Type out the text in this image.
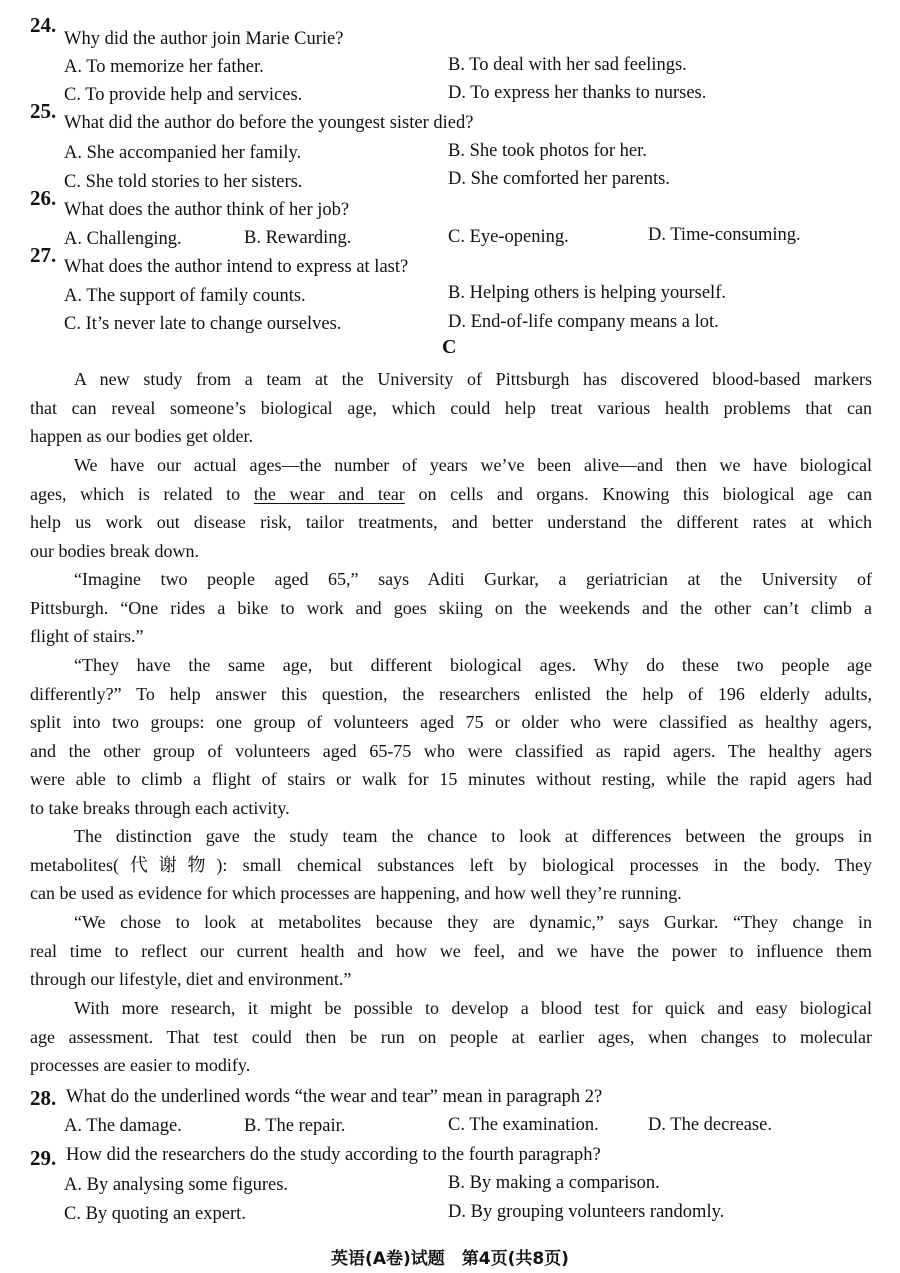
24.
Why did the author join Marie Curie?
A. To memorize her father.	B. To deal with her sad feelings.
C. To provide help and services.	D. To express her thanks to nurses.
25. What did the author do before the youngest sister died?
A. She accompanied her family.	B. She took photos for her.
C. She told stories to her sisters.	D. She comforted her parents.
26. What does the author think of her job?
A. Challenging.	B. Rewarding.	C. Eye-opening.	D. Time-consuming.
27. What does the author intend to express at last?
A. The support of family counts.	B. Helping others is helping yourself.
C. It’s never late to change ourselves.	D. End-of-life company means a lot.
C
A new study from a team at the University of Pittsburgh has discovered blood-based markers
that can reveal someone’s biological age, which could help treat various health problems that can
happen as our bodies get older.
We have our actual ages—the number of years we’ve been alive—and then we have biological
ages, which is related to the wear and tear on cells and organs. Knowing this biological age can
help us work out disease risk, tailor treatments, and better understand the different rates at which
our bodies break down.
“Imagine two people aged 65,” says Aditi Gurkar, a geriatrician at the University of
Pittsburgh. “One rides a bike to work and goes skiing on the weekends and the other can’t climb a
flight of stairs.”
“They have the same age, but different biological ages. Why do these two people age
differently?” To help answer this question, the researchers enlisted the help of 196 elderly adults,
split into two groups: one group of volunteers aged 75 or older who were classified as healthy agers,
and the other group of volunteers aged 65-75 who were classified as rapid agers. The healthy agers
were able to climb a flight of stairs or walk for 15 minutes without resting, while the rapid agers had
to take breaks through each activity.
The distinction gave the study team the chance to look at differences between the groups in
metabolites(代谢物): small chemical substances left by biological processes in the body. They
can be used as evidence for which processes are happening, and how well they’re running.
“We chose to look at metabolites because they are dynamic,” says Gurkar. “They change in
real time to reflect our current health and how we feel, and we have the power to influence them
through our lifestyle, diet and environment.”
With more research, it might be possible to develop a blood test for quick and easy biological
age assessment. That test could then be run on people at earlier ages, when changes to molecular
processes are easier to modify.
28. What do the underlined words “the wear and tear” mean in paragraph 2?
A. The damage.	B. The repair.	C. The examination.	D. The decrease.
29. How did the researchers do the study according to the fourth paragraph?
A. By analysing some figures.	B. By making a comparison.
C. By quoting an expert.	D. By grouping volunteers randomly.
英语(A卷)试题　第4页(共8页)
